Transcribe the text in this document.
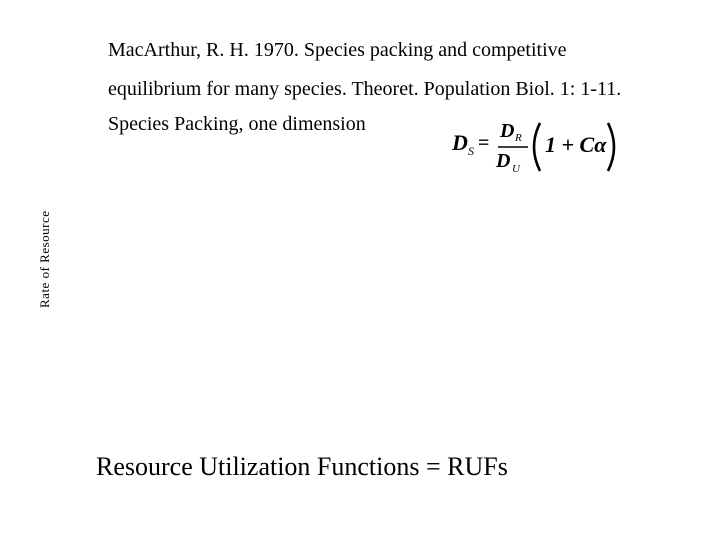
MacArthur, R. H. 1970. Species packing and competitive
equilibrium for many species. Theoret. Population Biol. 1: 1-11.
Species Packing, one dimension
D S =
D R
D U
1 + Cα
Rate of Resource
Resource Utilization Functions = RUFs
